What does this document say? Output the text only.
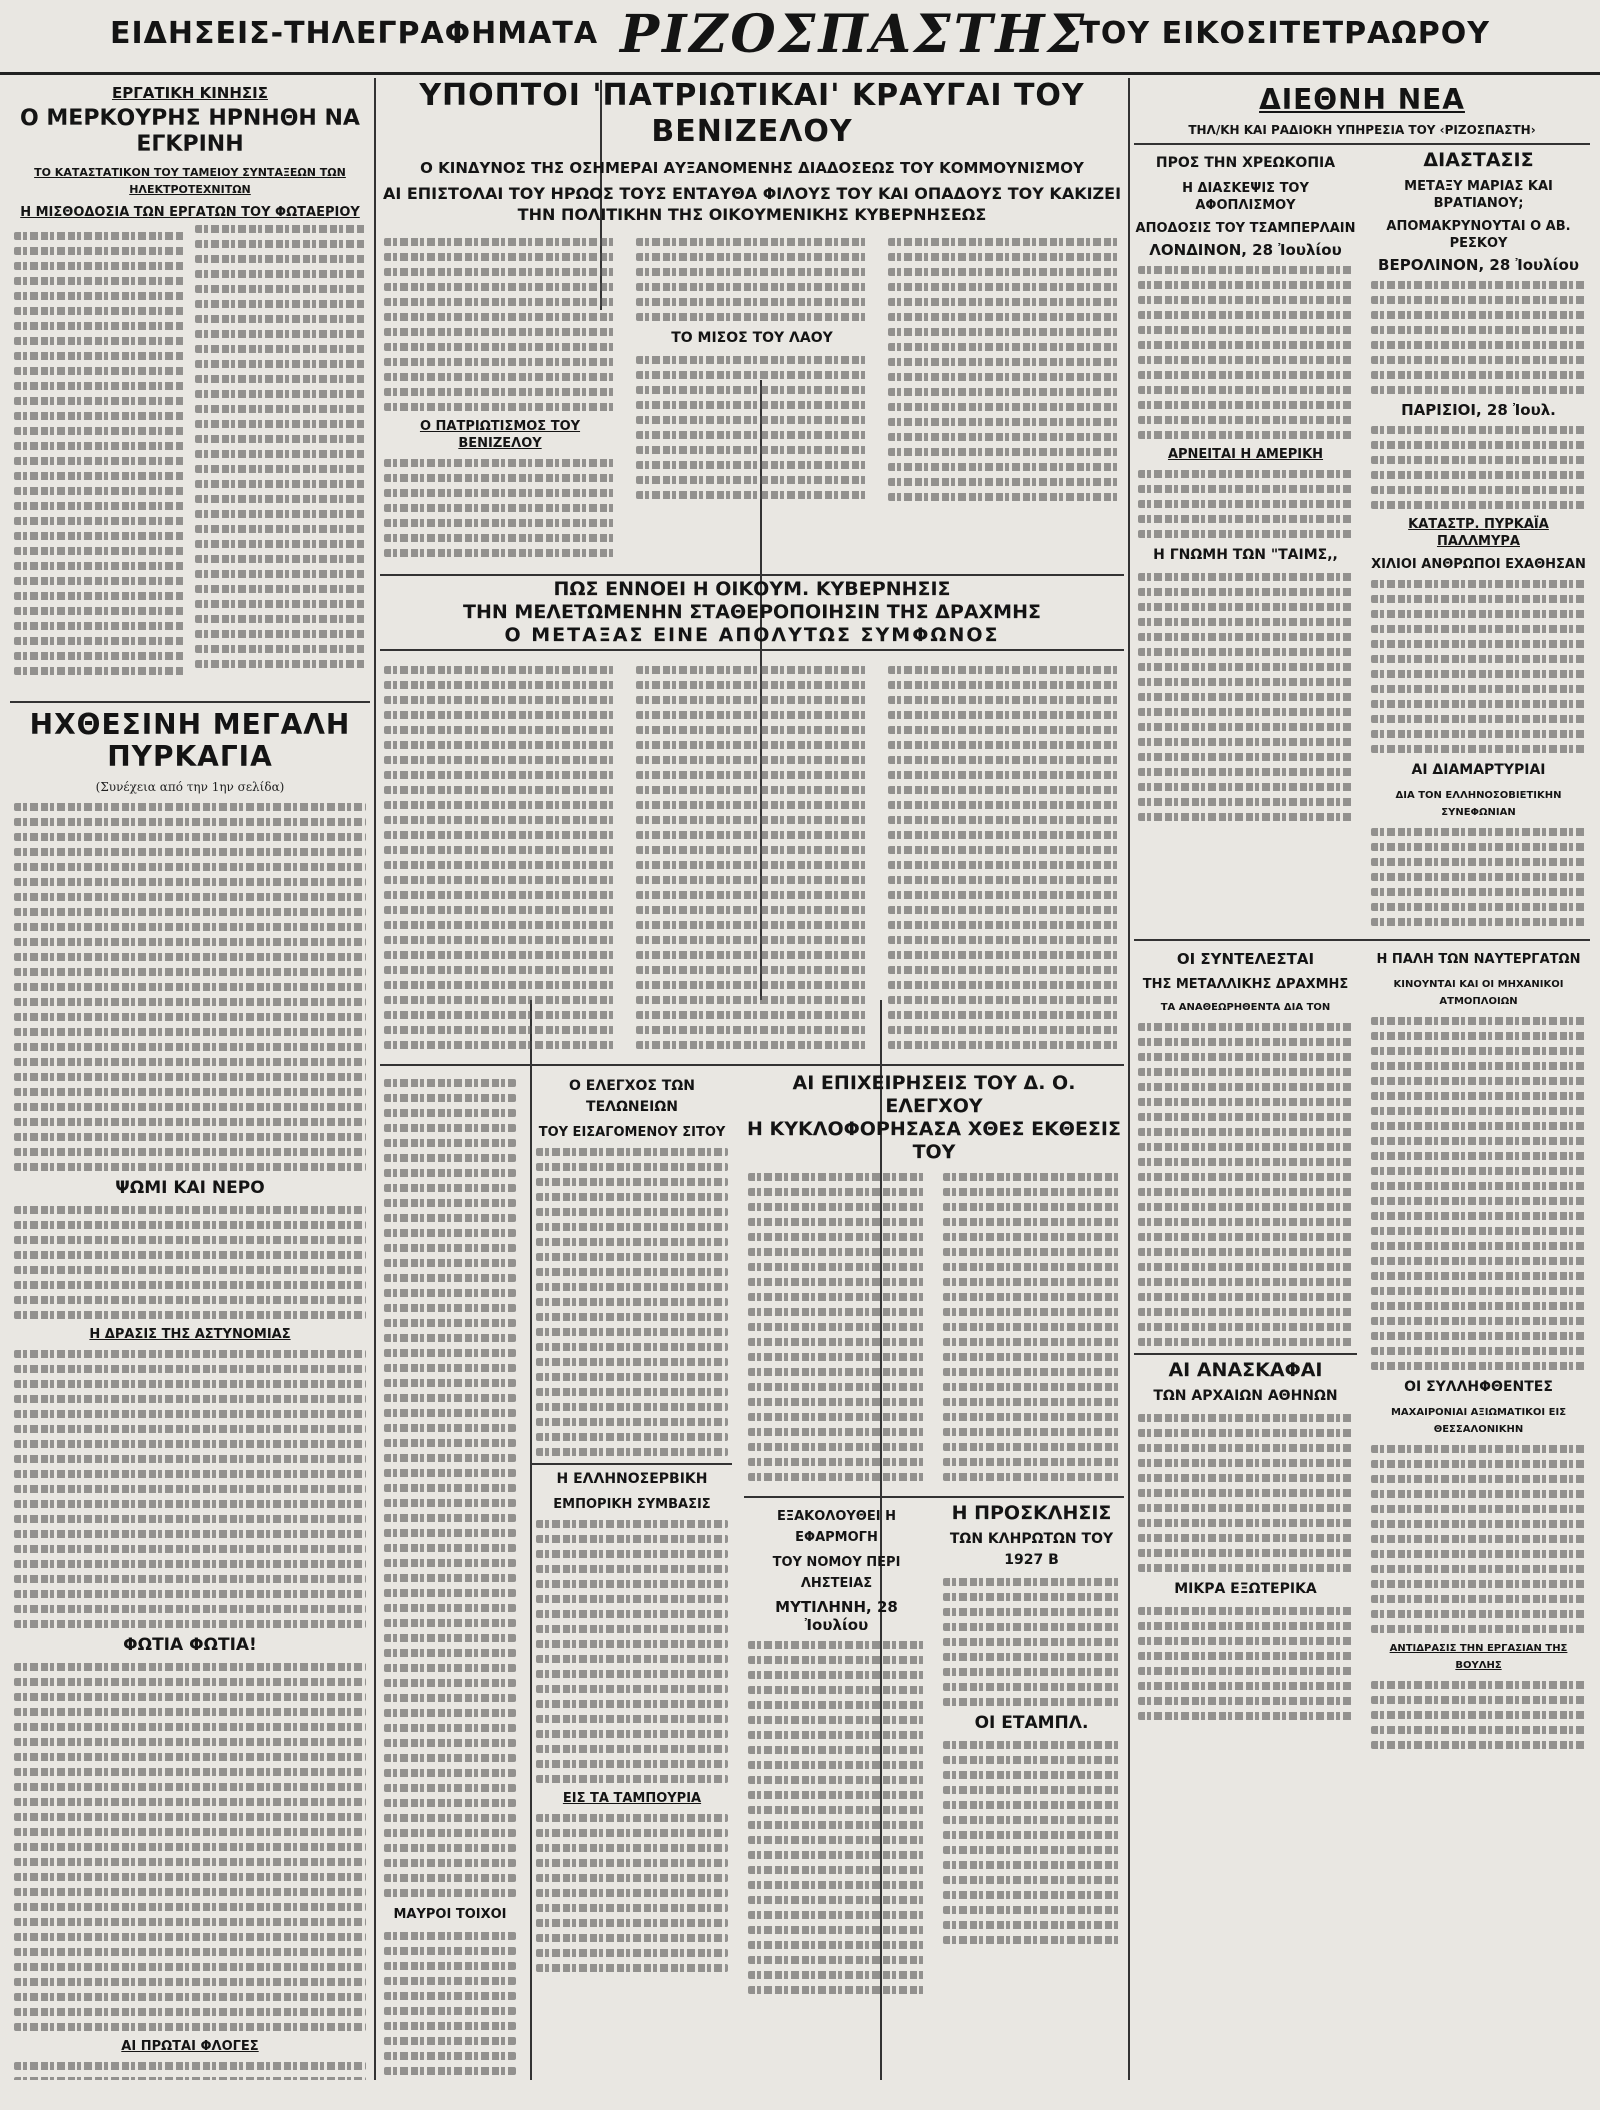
ΕΙΔΗΣΕΙΣ-ΤΗΛΕΓΡΑΦΗΜΑΤΑ ΡΙΖΟΣΠΑΣΤΗΣ
ΤΟΥ ΕΙΚΟΣΙΤΕΤΡΑΩΡΟΥ
ΕΡΓΑΤΙΚΗ ΚΙΝΗΣΙΣ
Ο ΜΕΡΚΟΥΡΗΣ ΗΡΝΗΘΗ ΝΑ ΕΓΚΡΙΝΗ
ΤΟ ΚΑΤΑΣΤΑΤΙΚΟΝ ΤΟΥ ΤΑΜΕΙΟΥ ΣΥΝΤΑΞΕΩΝ ΤΩΝ ΗΛΕΚΤΡΟΤΕΧΝΙΤΩΝ
Η ΜΙΣΘΟΔΟΣΙΑ ΤΩΝ ΕΡΓΑΤΩΝ ΤΟΥ ΦΩΤΑΕΡΙΟΥ
ΗΧΘΕΣΙΝΗ ΜΕΓΑΛΗ ΠΥΡΚΑΓΙΑ
(Συνέχεια από την 1ην σελίδα)
ΨΩΜΙ ΚΑΙ ΝΕΡΟ
Η ΔΡΑΣΙΣ ΤΗΣ ΑΣΤΥΝΟΜΙΑΣ
ΦΩΤΙΑ ΦΩΤΙΑ!
ΑΙ ΠΡΩΤΑΙ ΦΛΟΓΕΣ
ΥΠΟΠΤΟΙ 'ΠΑΤΡΙΩΤΙΚΑΙ' ΚΡΑΥΓΑΙ ΤΟΥ ΒΕΝΙΖΕΛΟΥ
Ο ΚΙΝΔΥΝΟΣ ΤΗΣ ΟΣΗΜΕΡΑΙ ΑΥΞΑΝΟΜΕΝΗΣ ΔΙΑΔΟΣΕΩΣ ΤΟΥ ΚΟΜΜΟΥΝΙΣΜΟΥ
ΑΙ ΕΠΙΣΤΟΛΑΙ ΤΟΥ ΗΡΩΟΣ ΤΟΥΣ ΕΝΤΑΥΘΑ ΦΙΛΟΥΣ ΤΟΥ ΚΑΙ ΟΠΑΔΟΥΣ ΤΟΥ ΚΑΚΙΖΕΙ ΤΗΝ ΠΟΛΙΤΙΚΗΝ ΤΗΣ ΟΙΚΟΥΜΕΝΙΚΗΣ ΚΥΒΕΡΝΗΣΕΩΣ
Ο ΠΑΤΡΙΩΤΙΣΜΟΣ ΤΟΥ ΒΕΝΙΖΕΛΟΥ
ΤΟ ΜΙΣΟΣ ΤΟΥ ΛΑΟΥ
ΠΩΣ ΕΝΝΟΕΙ Η ΟΙΚΟΥΜ. ΚΥΒΕΡΝΗΣΙΣ
ΤΗΝ ΜΕΛΕΤΩΜΕΝΗΝ ΣΤΑΘΕΡΟΠΟΙΗΣΙΝ ΤΗΣ ΔΡΑΧΜΗΣ
Ο ΜΕΤΑΞΑΣ ΕΙΝΕ ΑΠΟΛΥΤΩΣ ΣΥΜΦΩΝΟΣ
ΜΑΥΡΟΙ ΤΟΙΧΟΙ
Ο ΕΛΕΓΧΟΣ ΤΩΝ ΤΕΛΩΝΕΙΩΝ
ΤΟΥ ΕΙΣΑΓΟΜΕΝΟΥ ΣΙΤΟΥ
Η ΕΛΛΗΝΟΣΕΡΒΙΚΗ
ΕΜΠΟΡΙΚΗ ΣΥΜΒΑΣΙΣ
ΕΙΣ ΤΑ ΤΑΜΠΟΥΡΙΑ
ΑΙ ΕΠΙΧΕΙΡΗΣΕΙΣ ΤΟΥ Δ. Ο. ΕΛΕΓΧΟΥ
Η ΚΥΚΛΟΦΟΡΗΣΑΣΑ ΧΘΕΣ ΕΚΘΕΣΙΣ ΤΟΥ
ΕΞΑΚΟΛΟΥΘΕΙ Η ΕΦΑΡΜΟΓΗ
ΤΟΥ ΝΟΜΟΥ ΠΕΡΙ ΛΗΣΤΕΙΑΣ
ΜΥΤΙΛΗΝΗ, 28 Ἰουλίου
Η ΠΡΟΣΚΛΗΣΙΣ
ΤΩΝ ΚΛΗΡΩΤΩΝ ΤΟΥ 1927 Β
ΟΙ ΕΤΑΜΠΛ.
ΔΙΕΘΝΗ ΝΕΑ
ΤΗΛ/ΚΗ ΚΑΙ ΡΑΔΙΟΚΗ ΥΠΗΡΕΣΙΑ ΤΟΥ ‹ΡΙΖΟΣΠΑΣΤΗ›
ΠΡΟΣ ΤΗΝ ΧΡΕΩΚΟΠΙΑ
Η ΔΙΑΣΚΕΨΙΣ ΤΟΥ ΑΦΟΠΛΙΣΜΟΥ
ΑΠΟΔΟΣΙΣ ΤΟΥ ΤΣΑΜΠΕΡΛΑΙΝ
ΛΟΝΔΙΝΟΝ, 28 Ἰουλίου
ΑΡΝΕΙΤΑΙ Η ΑΜΕΡΙΚΗ
Η ΓΝΩΜΗ ΤΩΝ "ΤΑΙΜΣ,,
ΔΙΑΣΤΑΣΙΣ
ΜΕΤΑΞΥ ΜΑΡΙΑΣ ΚΑΙ ΒΡΑΤΙΑΝΟΥ;
ΑΠΟΜΑΚΡΥΝΟΥΤΑΙ Ο ΑΒ. ΡΕΣΚΟΥ
ΒΕΡΟΛΙΝΟΝ, 28 Ἰουλίου
ΠΑΡΙΣΙΟΙ, 28 Ἰουλ.
ΚΑΤΑΣΤΡ. ΠΥΡΚΑΪΑ ΠΑΛΛΜΥΡΑ
ΧΙΛΙΟΙ ΑΝΘΡΩΠΟΙ ΕΧΑΘΗΣΑΝ
ΑΙ ΔΙΑΜΑΡΤΥΡΙΑΙ
ΔΙΑ ΤΟΝ ΕΛΛΗΝΟΣΟΒΙΕΤΙΚΗΝ ΣΥΝΕΦΩΝΙΑΝ
ΟΙ ΣΥΝΤΕΛΕΣΤΑΙ
ΤΗΣ ΜΕΤΑΛΛΙΚΗΣ ΔΡΑΧΜΗΣ
ΤΑ ΑΝΑΘΕΩΡΗΘΕΝΤΑ ΔΙΑ ΤΟΝ
ΑΙ ΑΝΑΣΚΑΦΑΙ
ΤΩΝ ΑΡΧΑΙΩΝ ΑΘΗΝΩΝ
ΜΙΚΡΑ ΕΞΩΤΕΡΙΚΑ
Η ΠΑΛΗ ΤΩΝ ΝΑΥΤΕΡΓΑΤΩΝ
ΚΙΝΟΥΝΤΑΙ ΚΑΙ ΟΙ ΜΗΧΑΝΙΚΟΙ ΑΤΜΟΠΛΟΙΩΝ
ΟΙ ΣΥΛΛΗΦΘΕΝΤΕΣ
ΜΑΧΑΙΡΟΝΙΑΙ ΑΞΙΩΜΑΤΙΚΟΙ ΕΙΣ ΘΕΣΣΑΛΟΝΙΚΗΝ
ΑΝΤΙΔΡΑΣΙΣ ΤΗΝ ΕΡΓΑΣΙΑΝ ΤΗΣ ΒΟΥΛΗΣ
